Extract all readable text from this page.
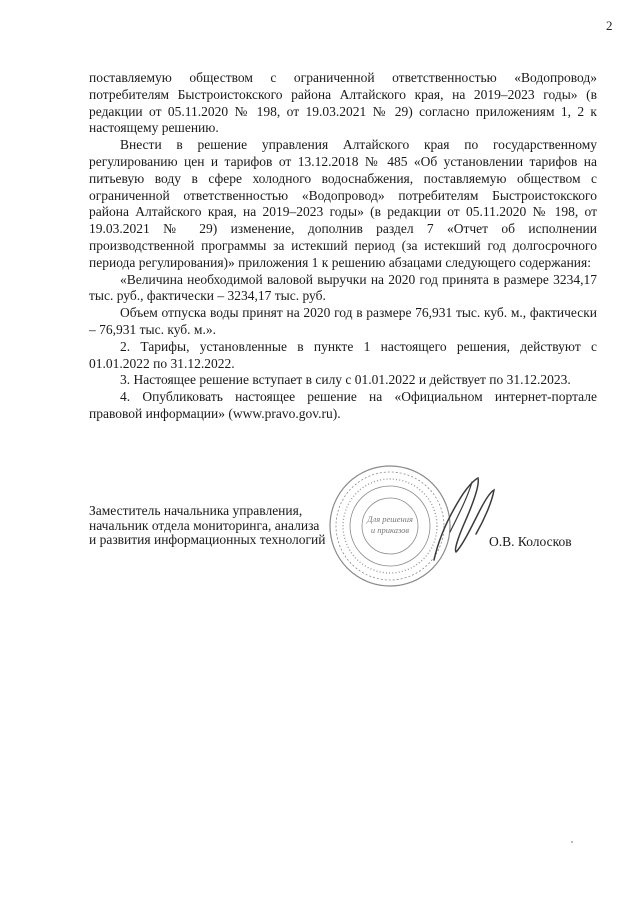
2

поставляемую обществом с ограниченной ответственностью «Водопровод» потребителям Быстроистокского района Алтайского края, на 2019–2023 годы» (в редакции от 05.11.2020 № 198, от 19.03.2021 № 29) согласно приложениям 1, 2 к настоящему решению.

Внести в решение управления Алтайского края по государственному регулированию цен и тарифов от 13.12.2018 № 485 «Об установлении тарифов на питьевую воду в сфере холодного водоснабжения, поставляемую обществом с ограниченной ответственностью «Водопровод» потребителям Быстроистокского района Алтайского края, на 2019–2023 годы» (в редакции от 05.11.2020 № 198, от 19.03.2021 № 29) изменение, дополнив раздел 7 «Отчет об исполнении производственной программы за истекший период (за истекший год долгосрочного периода регулирования)» приложения 1 к решению абзацами следующего содержания:

«Величина необходимой валовой выручки на 2020 год принята в размере 3234,17 тыс. руб., фактически – 3234,17 тыс. руб.

Объем отпуска воды принят на 2020 год в размере 76,931 тыс. куб. м., фактически – 76,931 тыс. куб. м.».

2. Тарифы, установленные в пункте 1 настоящего решения, действуют с 01.01.2022 по 31.12.2022.

3. Настоящее решение вступает в силу с 01.01.2022 и действует по 31.12.2023.

4. Опубликовать настоящее решение на «Официальном интернет-портале правовой информации» (www.pravo.gov.ru).

Для решения
и приказов
Заместитель начальника управления,
начальник отдела мониторинга, анализа
и развития информационных технологий	О.В. Колосков
